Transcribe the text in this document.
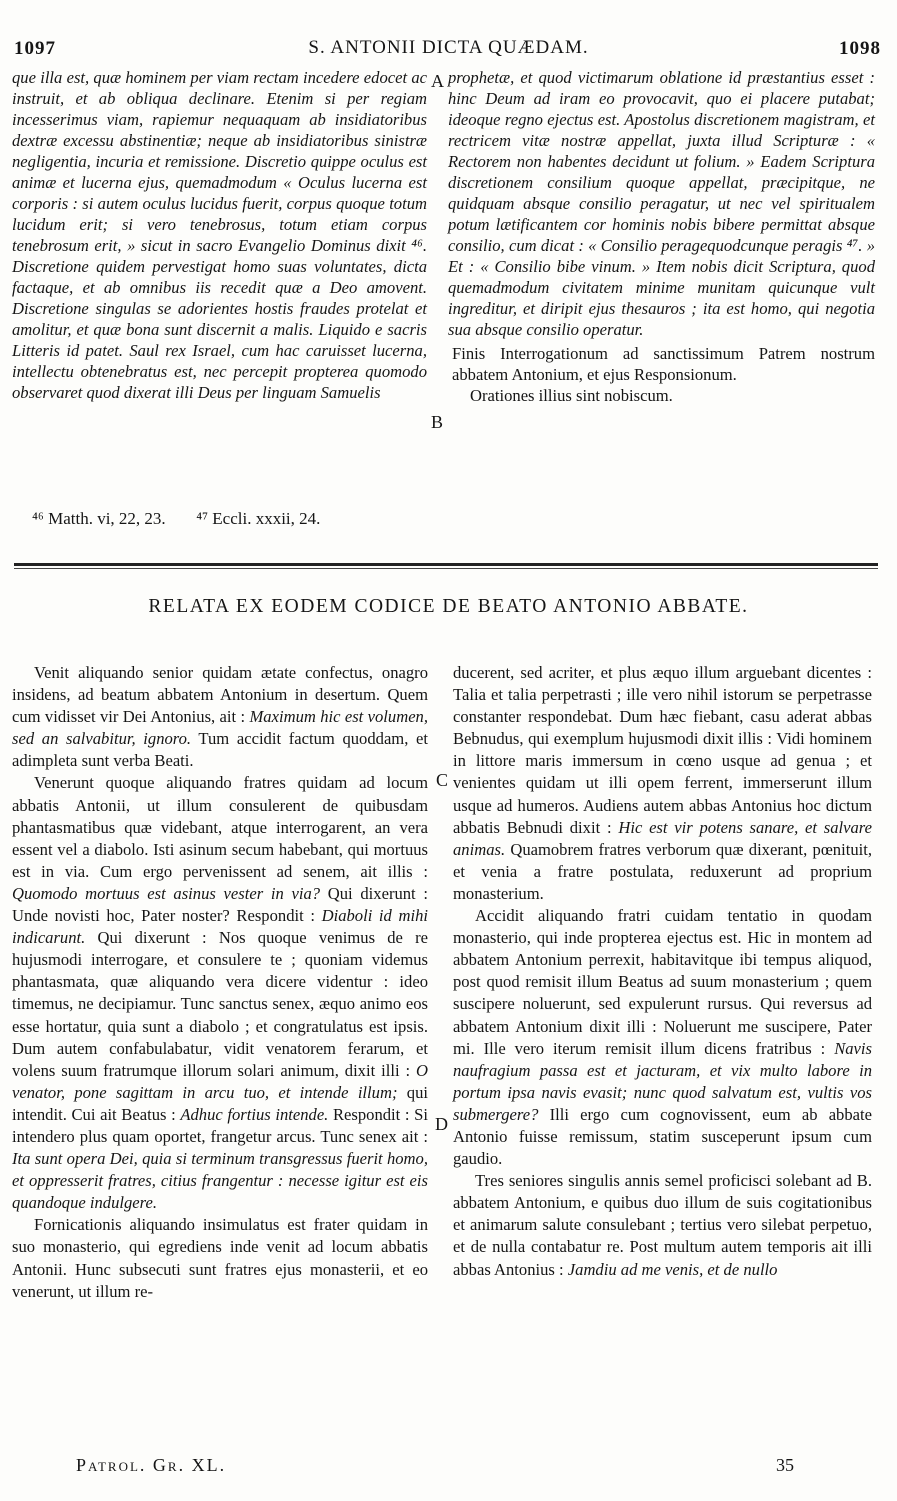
1097	S. ANTONII DICTA QUÆDAM.	1098

que illa est, quæ hominem per viam rectam incedere edocet ac instruit, et ab obliqua declinare. Etenim si per regiam incesserimus viam, rapiemur nequaquam ab insidiatoribus dextræ excessu abstinentiæ; neque ab insidiatoribus sinistræ negligentia, incuria et remissione. Discretio quippe oculus est animæ et lucerna ejus, quemadmodum « Oculus lucerna est corporis : si autem oculus lucidus fuerit, corpus quoque totum lucidum erit; si vero tenebrosus, totum etiam corpus tenebrosum erit, » sicut in sacro Evangelio Dominus dixit ⁴⁶. Discretione quidem pervestigat homo suas voluntates, dicta factaque, et ab omnibus iis recedit quæ a Deo amovent. Discretione singulas se adorientes hostis fraudes protelat et amolitur, et quæ bona sunt discernit a malis. Liquido e sacris Litteris id patet. Saul rex Israel, cum hac caruisset lucerna, intellectu obtenebratus est, nec percepit propterea quomodo observaret quod dixerat illi Deus per linguam Samuelis

A prophetæ, et quod victimarum oblatione id præstantius esset : hinc Deum ad iram eo provocavit, quo ei placere putabat; ideoque regno ejectus est. Apostolus discretionem magistram, et rectricem vitæ nostræ appellat, juxta illud Scripturæ : « Rectorem non habentes decidunt ut folium. » Eadem Scriptura discretionem consilium quoque appellat, præcipitque, ne quidquam absque consilio peragatur, ut nec vel spiritualem potum lætificantem cor hominis nobis bibere permittat absque consilio, cum dicat : « Consilio peragequodcunque peragis ⁴⁷. » Et : « Consilio bibe vinum. » Item nobis dicit Scriptura, quod quemadmodum civitatem minime munitam quicunque vult ingreditur, et diripit ejus thesauros ; ita est homo, qui negotia sua absque consilio operatur.

Finis Interrogationum ad sanctissimum Patrem nostrum abbatem Antonium, et ejus Responsionum.
Orationes illius sint nobiscum.
B
⁴⁶ Matth. vi, 22, 23. ⁴⁷ Eccli. xxxii, 24.
RELATA EX EODEM CODICE DE BEATO ANTONIO ABBATE.

Venit aliquando senior quidam ætate confectus, onagro insidens, ad beatum abbatem Antonium in desertum. Quem cum vidisset vir Dei Antonius, ait : Maximum hic est volumen, sed an salvabitur, ignoro. Tum accidit factum quoddam, et adimpleta sunt verba Beati.

Venerunt quoque aliquando fratres quidam ad locum abbatis Antonii, ut illum consulerent de quibusdam phantasmatibus quæ videbant, atque interrogarent, an vera essent vel a diabolo. Isti asinum secum habebant, qui mortuus est in via. Cum ergo pervenissent ad senem, ait illis : Quomodo mortuus est asinus vester in via? Qui dixerunt : Unde novisti hoc, Pater noster? Respondit : Diaboli id mihi indicarunt. Qui dixerunt : Nos quoque venimus de re hujusmodi interrogare, et consulere te ; quoniam videmus phantasmata, quæ aliquando vera dicere videntur : ideo timemus, ne decipiamur. Tunc sanctus senex, æquo animo eos esse hortatur, quia sunt a diabolo ; et congratulatus est ipsis. Dum autem confabulabatur, vidit venatorem ferarum, et volens suum fratrumque illorum solari animum, dixit illi : O venator, pone sagittam in arcu tuo, et intende illum; qui intendit. Cui ait Beatus : Adhuc fortius intende. Respondit : Si intendero plus quam oportet, frangetur arcus. Tunc senex ait : Ita sunt opera Dei, quia si terminum transgressus fuerit homo, et oppresserit fratres, citius frangentur : necesse igitur est eis quandoque indulgere.

Fornicationis aliquando insimulatus est frater quidam in suo monasterio, qui egrediens inde venit ad locum abbatis Antonii. Hunc subsecuti sunt fratres ejus monasterii, et eo venerunt, ut illum re-

C
D

ducerent, sed acriter, et plus æquo illum arguebant dicentes : Talia et talia perpetrasti ; ille vero nihil istorum se perpetrasse constanter respondebat. Dum hæc fiebant, casu aderat abbas Bebnudus, qui exemplum hujusmodi dixit illis : Vidi hominem in littore maris immersum in cœno usque ad genua ; et venientes quidam ut illi opem ferrent, immerserunt illum usque ad humeros. Audiens autem abbas Antonius hoc dictum abbatis Bebnudi dixit : Hic est vir potens sanare, et salvare animas. Quamobrem fratres verborum quæ dixerant, pœnituit, et venia a fratre postulata, reduxerunt ad proprium monasterium.

Accidit aliquando fratri cuidam tentatio in quodam monasterio, qui inde propterea ejectus est. Hic in montem ad abbatem Antonium perrexit, habitavitque ibi tempus aliquod, post quod remisit illum Beatus ad suum monasterium ; quem suscipere noluerunt, sed expulerunt rursus. Qui reversus ad abbatem Antonium dixit illi : Noluerunt me suscipere, Pater mi. Ille vero iterum remisit illum dicens fratribus : Navis naufragium passa est et jacturam, et vix multo labore in portum ipsa navis evasit; nunc quod salvatum est, vultis vos submergere? Illi ergo cum cognovissent, eum ab abbate Antonio fuisse remissum, statim susceperunt ipsum cum gaudio.

Tres seniores singulis annis semel proficisci solebant ad B. abbatem Antonium, e quibus duo illum de suis cogitationibus et animarum salute consulebant ; tertius vero silebat perpetuo, et de nulla contabatur re. Post multum autem temporis ait illi abbas Antonius : Jamdiu ad me venis, et de nullo

Patrol. Gr. XL.	35
